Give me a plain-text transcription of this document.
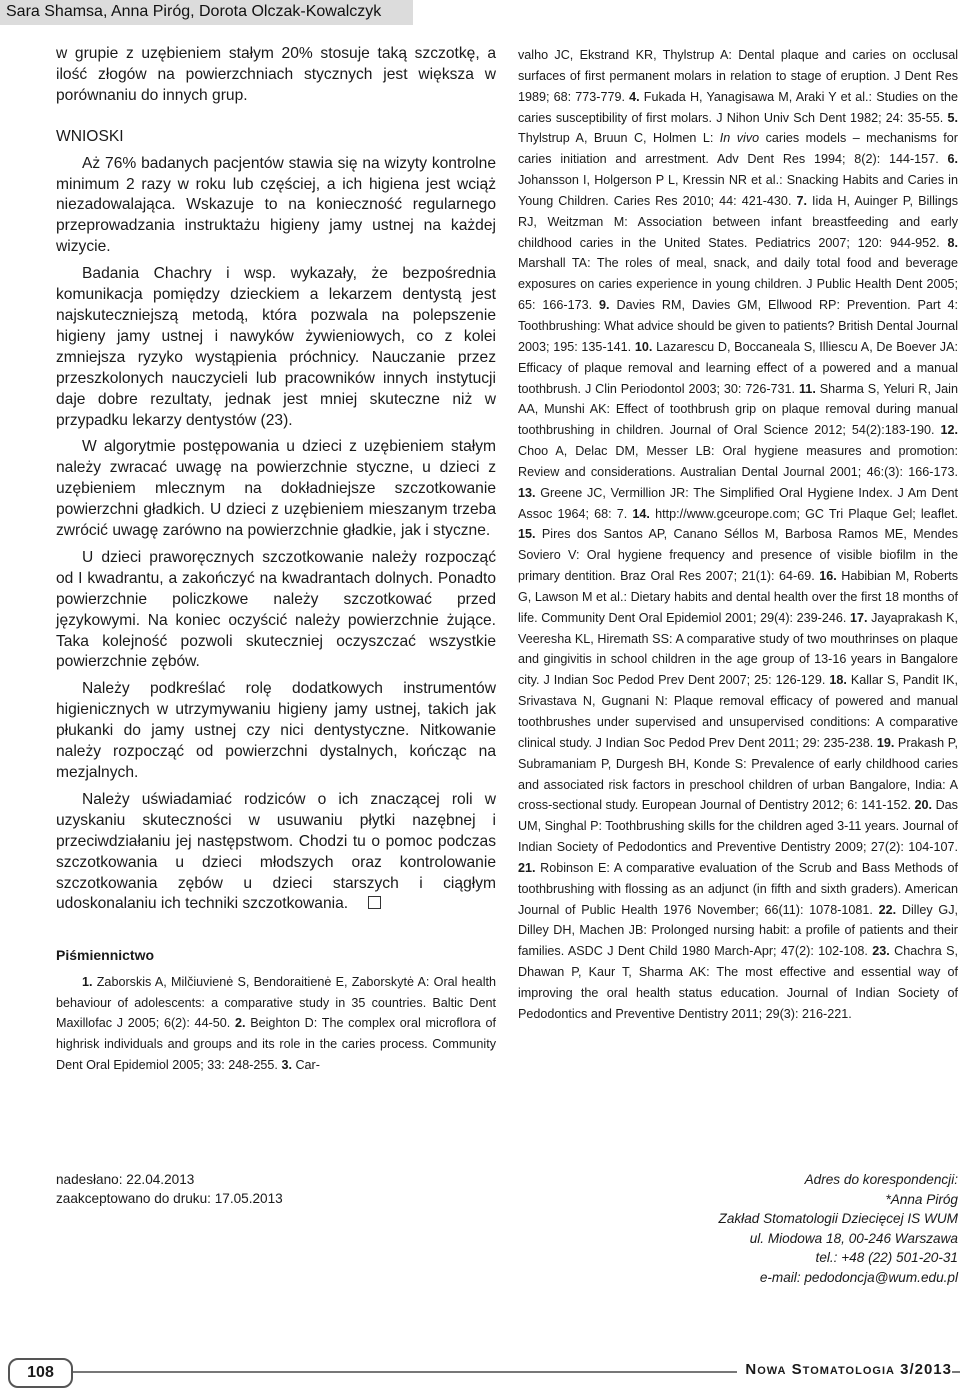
Sara Shamsa, Anna Piróg, Dorota Olczak-Kowalczyk

w grupie z uzębieniem stałym 20% stosuje taką szczotkę, a ilość złogów na powierzchniach stycznych jest większa w porównaniu do innych grup.

WNIOSKI

Aż 76% badanych pacjentów stawia się na wizyty kontrolne minimum 2 razy w roku lub częściej, a ich higiena jest wciąż niezadowalająca. Wskazuje to na konieczność regularnego przeprowadzania instruktażu higieny jamy ustnej na każdej wizycie.

Badania Chachry i wsp. wykazały, że bezpośrednia komunikacja pomiędzy dzieckiem a lekarzem dentystą jest najskuteczniejszą metodą, która pozwala na polepszenie higieny jamy ustnej i nawyków żywieniowych, co z kolei zmniejsza ryzyko wystąpienia próchnicy. Nauczanie przez przeszkolonych nauczycieli lub pracowników innych instytucji daje dobre rezultaty, jednak jest mniej skuteczne niż w przypadku lekarzy dentystów (23).

W algorytmie postępowania u dzieci z uzębieniem stałym należy zwracać uwagę na powierzchnie styczne, u dzieci z uzębieniem mlecznym na dokładniejsze szczotkowanie powierzchni gładkich. U dzieci z uzębieniem mieszanym trzeba zwrócić uwagę zarówno na powierzchnie gładkie, jak i styczne.

U dzieci praworęcznych szczotkowanie należy rozpocząć od I kwadrantu, a zakończyć na kwadrantach dolnych. Ponadto powierzchnie policzkowe należy szczotkować przed językowymi. Na koniec oczyścić należy powierzchnie żujące. Taka kolejność pozwoli skuteczniej oczyszczać wszystkie powierzchnie zębów.

Należy podkreślać rolę dodatkowych instrumentów higienicznych w utrzymywaniu higieny jamy ustnej, takich jak płukanki do jamy ustnej czy nici dentystyczne. Nitkowanie należy rozpocząć od powierzchni dystalnych, kończąc na mezjalnych.

Należy uświadamiać rodziców o ich znaczącej roli w uzyskaniu skuteczności w usuwaniu płytki nazębnej i przeciwdziałaniu jej następstwom. Chodzi tu o pomoc podczas szczotkowania u dzieci młodszych oraz kontrolowanie szczotkowania zębów u dzieci starszych i ciągłym udoskonalaniu ich techniki szczotkowania.

Piśmiennictwo

1. Zaborskis A, Milčiuvienė S, Bendoraitienė E, Zaborskytė A: Oral health behaviour of adolescents: a comparative study in 35 countries. Baltic Dent Maxillofac J 2005; 6(2): 44-50. 2. Beighton D: The complex oral microflora of highrisk individuals and groups and its role in the caries process. Community Dent Oral Epidemiol 2005; 33: 248-255. 3. Car-

valho JC, Ekstrand KR, Thylstrup A: Dental plaque and caries on occlusal surfaces of first permanent molars in relation to stage of eruption. J Dent Res 1989; 68: 773-779. 4. Fukada H, Yanagisawa M, Araki Y et al.: Studies on the caries susceptibility of first molars. J Nihon Univ Sch Dent 1982; 24: 35-55. 5. Thylstrup A, Bruun C, Holmen L: In vivo caries models – mechanisms for caries initiation and arrestment. Adv Dent Res 1994; 8(2): 144-157. 6. Johansson I, Holgerson P L, Kressin NR et al.: Snacking Habits and Caries in Young Children. Caries Res 2010; 44: 421-430. 7. Iida H, Auinger P, Billings RJ, Weitzman M: Association between infant breastfeeding and early childhood caries in the United States. Pediatrics 2007; 120: 944-952. 8. Marshall TA: The roles of meal, snack, and daily total food and beverage exposures on caries experience in young children. J Public Health Dent 2005; 65: 166-173. 9. Davies RM, Davies GM, Ellwood RP: Prevention. Part 4: Toothbrushing: What advice should be given to patients? British Dental Journal 2003; 195: 135-141. 10. Lazarescu D, Boccaneala S, Illiescu A, De Boever JA: Efficacy of plaque removal and learning effect of a powered and a manual toothbrush. J Clin Periodontol 2003; 30: 726-731. 11. Sharma S, Yeluri R, Jain AA, Munshi AK: Effect of toothbrush grip on plaque removal during manual toothbrushing in children. Journal of Oral Science 2012; 54(2):183-190. 12. Choo A, Delac DM, Messer LB: Oral hygiene measures and promotion: Review and considerations. Australian Dental Journal 2001; 46:(3): 166-173. 13. Greene JC, Vermillion JR: The Simplified Oral Hygiene Index. J Am Dent Assoc 1964; 68: 7. 14. http://www.gceurope.com; GC Tri Plaque Gel; leaflet. 15. Pires dos Santos AP, Canano Séllos M, Barbosa Ramos ME, Mendes Soviero V: Oral hygiene frequency and presence of visible biofilm in the primary dentition. Braz Oral Res 2007; 21(1): 64-69. 16. Habibian M, Roberts G, Lawson M et al.: Dietary habits and dental health over the first 18 months of life. Community Dent Oral Epidemiol 2001; 29(4): 239-246. 17. Jayaprakash K, Veeresha KL, Hiremath SS: A comparative study of two mouthrinses on plaque and gingivitis in school children in the age group of 13-16 years in Bangalore city. J Indian Soc Pedod Prev Dent 2007; 25: 126-129. 18. Kallar S, Pandit IK, Srivastava N, Gugnani N: Plaque removal efficacy of powered and manual toothbrushes under supervised and unsupervised conditions: A comparative clinical study. J Indian Soc Pedod Prev Dent 2011; 29: 235-238. 19. Prakash P, Subramaniam P, Durgesh BH, Konde S: Prevalence of early childhood caries and associated risk factors in preschool children of urban Bangalore, India: A cross-sectional study. European Journal of Dentistry 2012; 6: 141-152. 20. Das UM, Singhal P: Toothbrushing skills for the children aged 3-11 years. Journal of Indian Society of Pedodontics and Preventive Dentistry 2009; 27(2): 104-107. 21. Robinson E: A comparative evaluation of the Scrub and Bass Methods of toothbrushing with flossing as an adjunct (in fifth and sixth graders). American Journal of Public Health 1976 November; 66(11): 1078-1081. 22. Dilley GJ, Dilley DH, Machen JB: Prolonged nursing habit: a profile of patients and their families. ASDC J Dent Child 1980 March-Apr; 47(2): 102-108. 23. Chachra S, Dhawan P, Kaur T, Sharma AK: The most effective and essential way of improving the oral health status education. Journal of Indian Society of Pedodontics and Preventive Dentistry 2011; 29(3): 216-221.

nadesłano: 22.04.2013
zaakceptowano do druku: 17.05.2013
Adres do korespondencji:
*Anna Piróg
Zakład Stomatologii Dziecięcej IS WUM
ul. Miodowa 18, 00-246 Warszawa
tel.: +48 (22) 501-20-31
e-mail: pedodoncja@wum.edu.pl
108	Nowa Stomatologia 3/2013
